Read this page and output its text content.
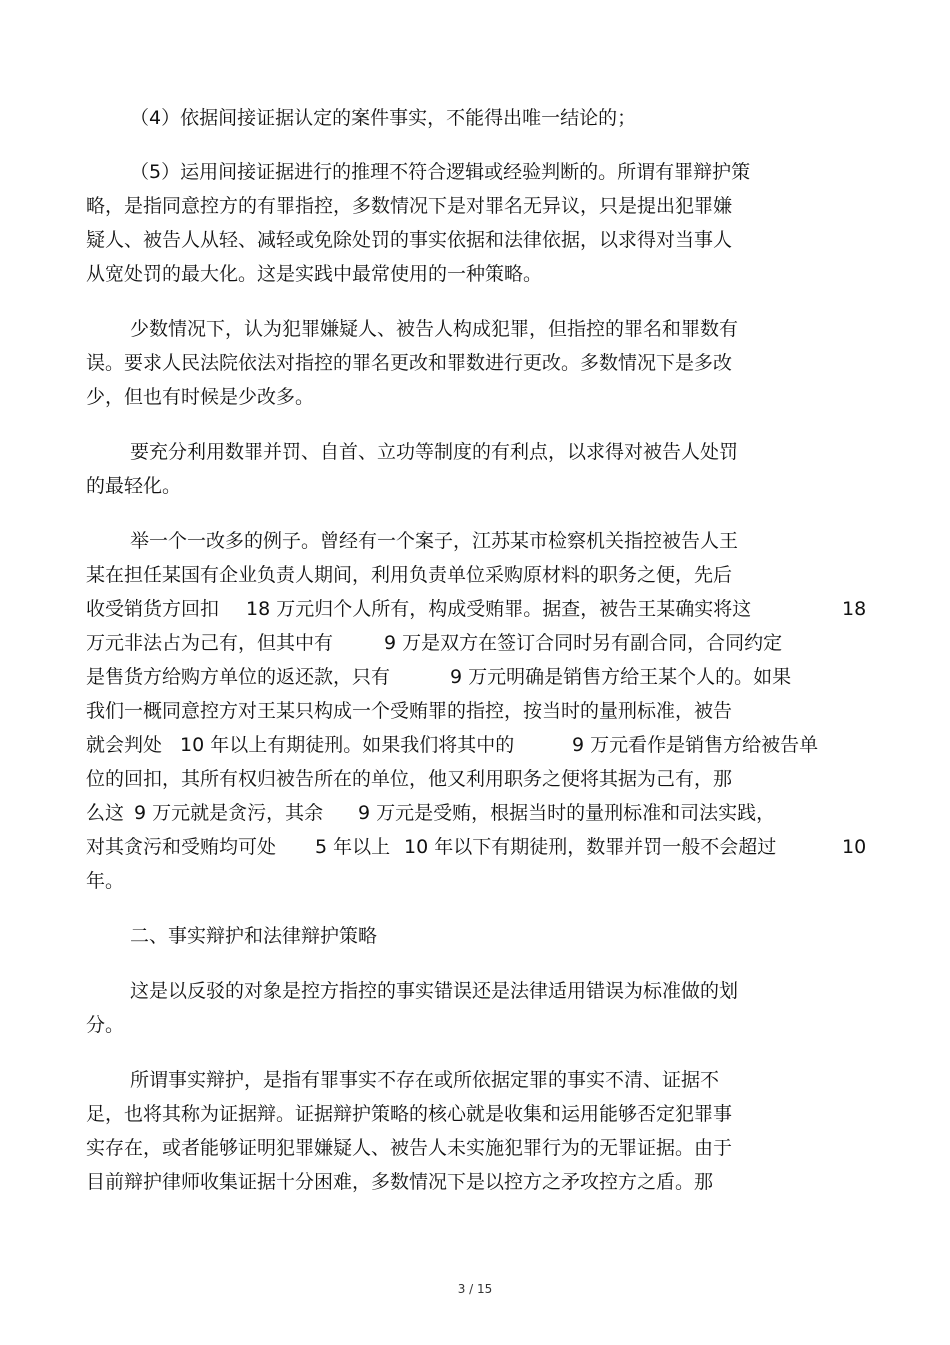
（4）依据间接证据认定的案件事实，不能得出唯一结论的；
（5）运用间接证据进行的推理不符合逻辑或经验判断的。所谓有罪辩护策
略，是指同意控方的有罪指控，多数情况下是对罪名无异议，只是提出犯罪嫌
疑人、被告人从轻、减轻或免除处罚的事实依据和法律依据，以求得对当事人
从宽处罚的最大化。这是实践中最常使用的一种策略。
少数情况下，认为犯罪嫌疑人、被告人构成犯罪，但指控的罪名和罪数有
误。要求人民法院依法对指控的罪名更改和罪数进行更改。多数情况下是多改
少，但也有时候是少改多。
要充分利用数罪并罚、自首、立功等制度的有利点，以求得对被告人处罚
的最轻化。
举一个一改多的例子。曾经有一个案子，江苏某市检察机关指控被告人王
某在担任某国有企业负责人期间，利用负责单位采购原材料的职务之便，先后
收受销货方回扣 18 万元归个人所有，构成受贿罪。据查，被告王某确实将这	18
万元非法占为己有，但其中有	9 万是双方在签订合同时另有副合同，合同约定
是售货方给购方单位的返还款，只有	9 万元明确是销售方给王某个人的。如果
我们一概同意控方对王某只构成一个受贿罪的指控，按当时的量刑标准，被告
就会判处 10 年以上有期徒刑。如果我们将其中的	9 万元看作是销售方给被告单
位的回扣，其所有权归被告所在的单位，他又利用职务之便将其据为己有，那
么这 9 万元就是贪污，其余 9 万元是受贿，根据当时的量刑标准和司法实践，
对其贪污和受贿均可处 5 年以上 10 年以下有期徒刑，数罪并罚一般不会超过	10
年。
二、事实辩护和法律辩护策略
这是以反驳的对象是控方指控的事实错误还是法律适用错误为标准做的划
分。
所谓事实辩护，是指有罪事实不存在或所依据定罪的事实不清、证据不
足，也将其称为证据辩。证据辩护策略的核心就是收集和运用能够否定犯罪事
实存在，或者能够证明犯罪嫌疑人、被告人未实施犯罪行为的无罪证据。由于
目前辩护律师收集证据十分困难，多数情况下是以控方之矛攻控方之盾。那
3 / 15
